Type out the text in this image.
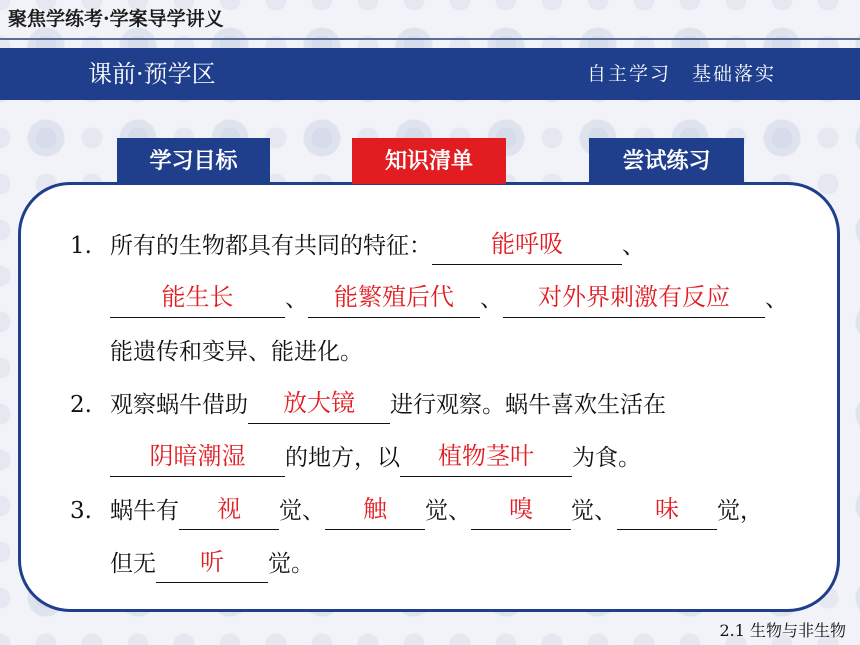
聚焦学练考·学案导学讲义
课前·预学区	自主学习　基础落实
学习目标	知识清单	尝试练习
1. 所有的生物都具有共同的特征：	能呼吸	、
能生长	、	能繁殖后代	、	对外界刺激有反应	、
能遗传和变异、能进化。
2. 观察蜗牛借助	放大镜	进行观察。蜗牛喜欢生活在
阴暗潮湿	的地方，以	植物茎叶	为食。
3. 蜗牛有	视	觉、	触	觉、	嗅	觉、	味	觉，
但无	听	觉。
2.1 生物与非生物
